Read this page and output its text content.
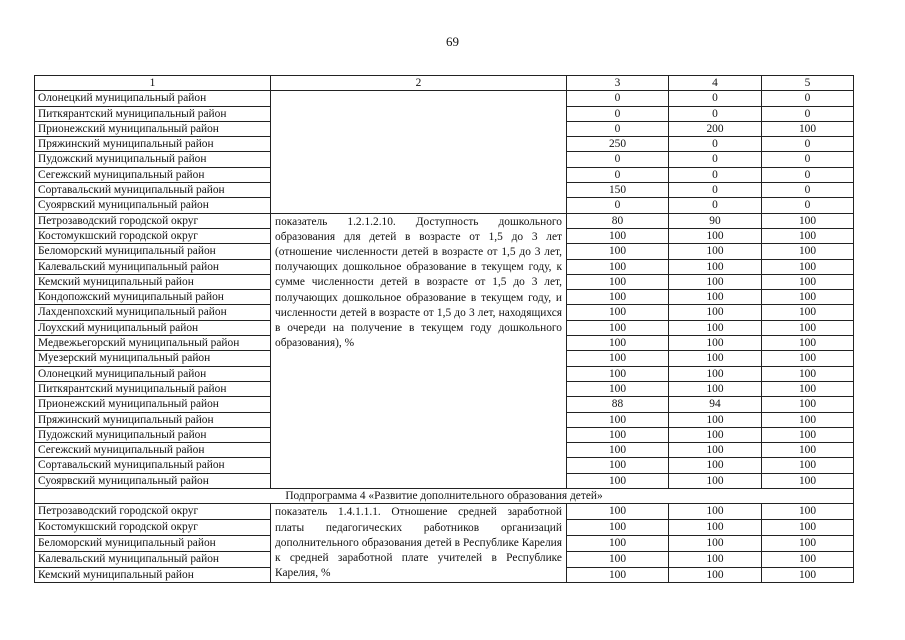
69
1	2	3	4	5
Олонецкий муниципальный район		0	0	0
Питкярантский муниципальный район		0	0	0
Прионежский муниципальный район		0	200	100
Пряжинский муниципальный район		250	0	0
Пудожский муниципальный район		0	0	0
Сегежский муниципальный район		0	0	0
Сортавальский муниципальный район		150	0	0
Суоярвский муниципальный район		0	0	0
Петрозаводский городской округ	показатель 1.2.1.2.10. Доступность дошкольного образования для детей в возрасте от 1,5 до 3 лет (отношение численности детей в возрасте от 1,5 до 3 лет, получающих дошкольное образование в текущем году, к сумме численности детей в возрасте от 1,5 до 3 лет, получающих дошкольное образование в текущем году, и численности детей в возрасте от 1,5 до 3 лет, находящихся в очереди на получение в текущем году дошкольного образования), %	80	90	100
Костомукшский городской округ		100	100	100
Беломорский муниципальный район		100	100	100
Калевальский муниципальный район		100	100	100
Кемский муниципальный район		100	100	100
Кондопожский муниципальный район		100	100	100
Лахденпохский муниципальный район		100	100	100
Лоухский муниципальный район		100	100	100
Медвежьегорский муниципальный район		100	100	100
Муезерский муниципальный район		100	100	100
Олонецкий муниципальный район		100	100	100
Питкярантский муниципальный район		100	100	100
Прионежский муниципальный район		88	94	100
Пряжинский муниципальный район		100	100	100
Пудожский муниципальный район		100	100	100
Сегежский муниципальный район		100	100	100
Сортавальский муниципальный район		100	100	100
Суоярвский муниципальный район		100	100	100
Подпрограмма 4 «Развитие дополнительного образования детей»				
Петрозаводский городской округ	показатель 1.4.1.1.1. Отношение средней заработной платы педагогических работников организаций дополнительного образования детей в Республике Карелия к средней заработной плате учителей в Республике Карелия, %	100	100	100
Костомукшский городской округ		100	100	100
Беломорский муниципальный район		100	100	100
Калевальский муниципальный район		100	100	100
Кемский муниципальный район		100	100	100
